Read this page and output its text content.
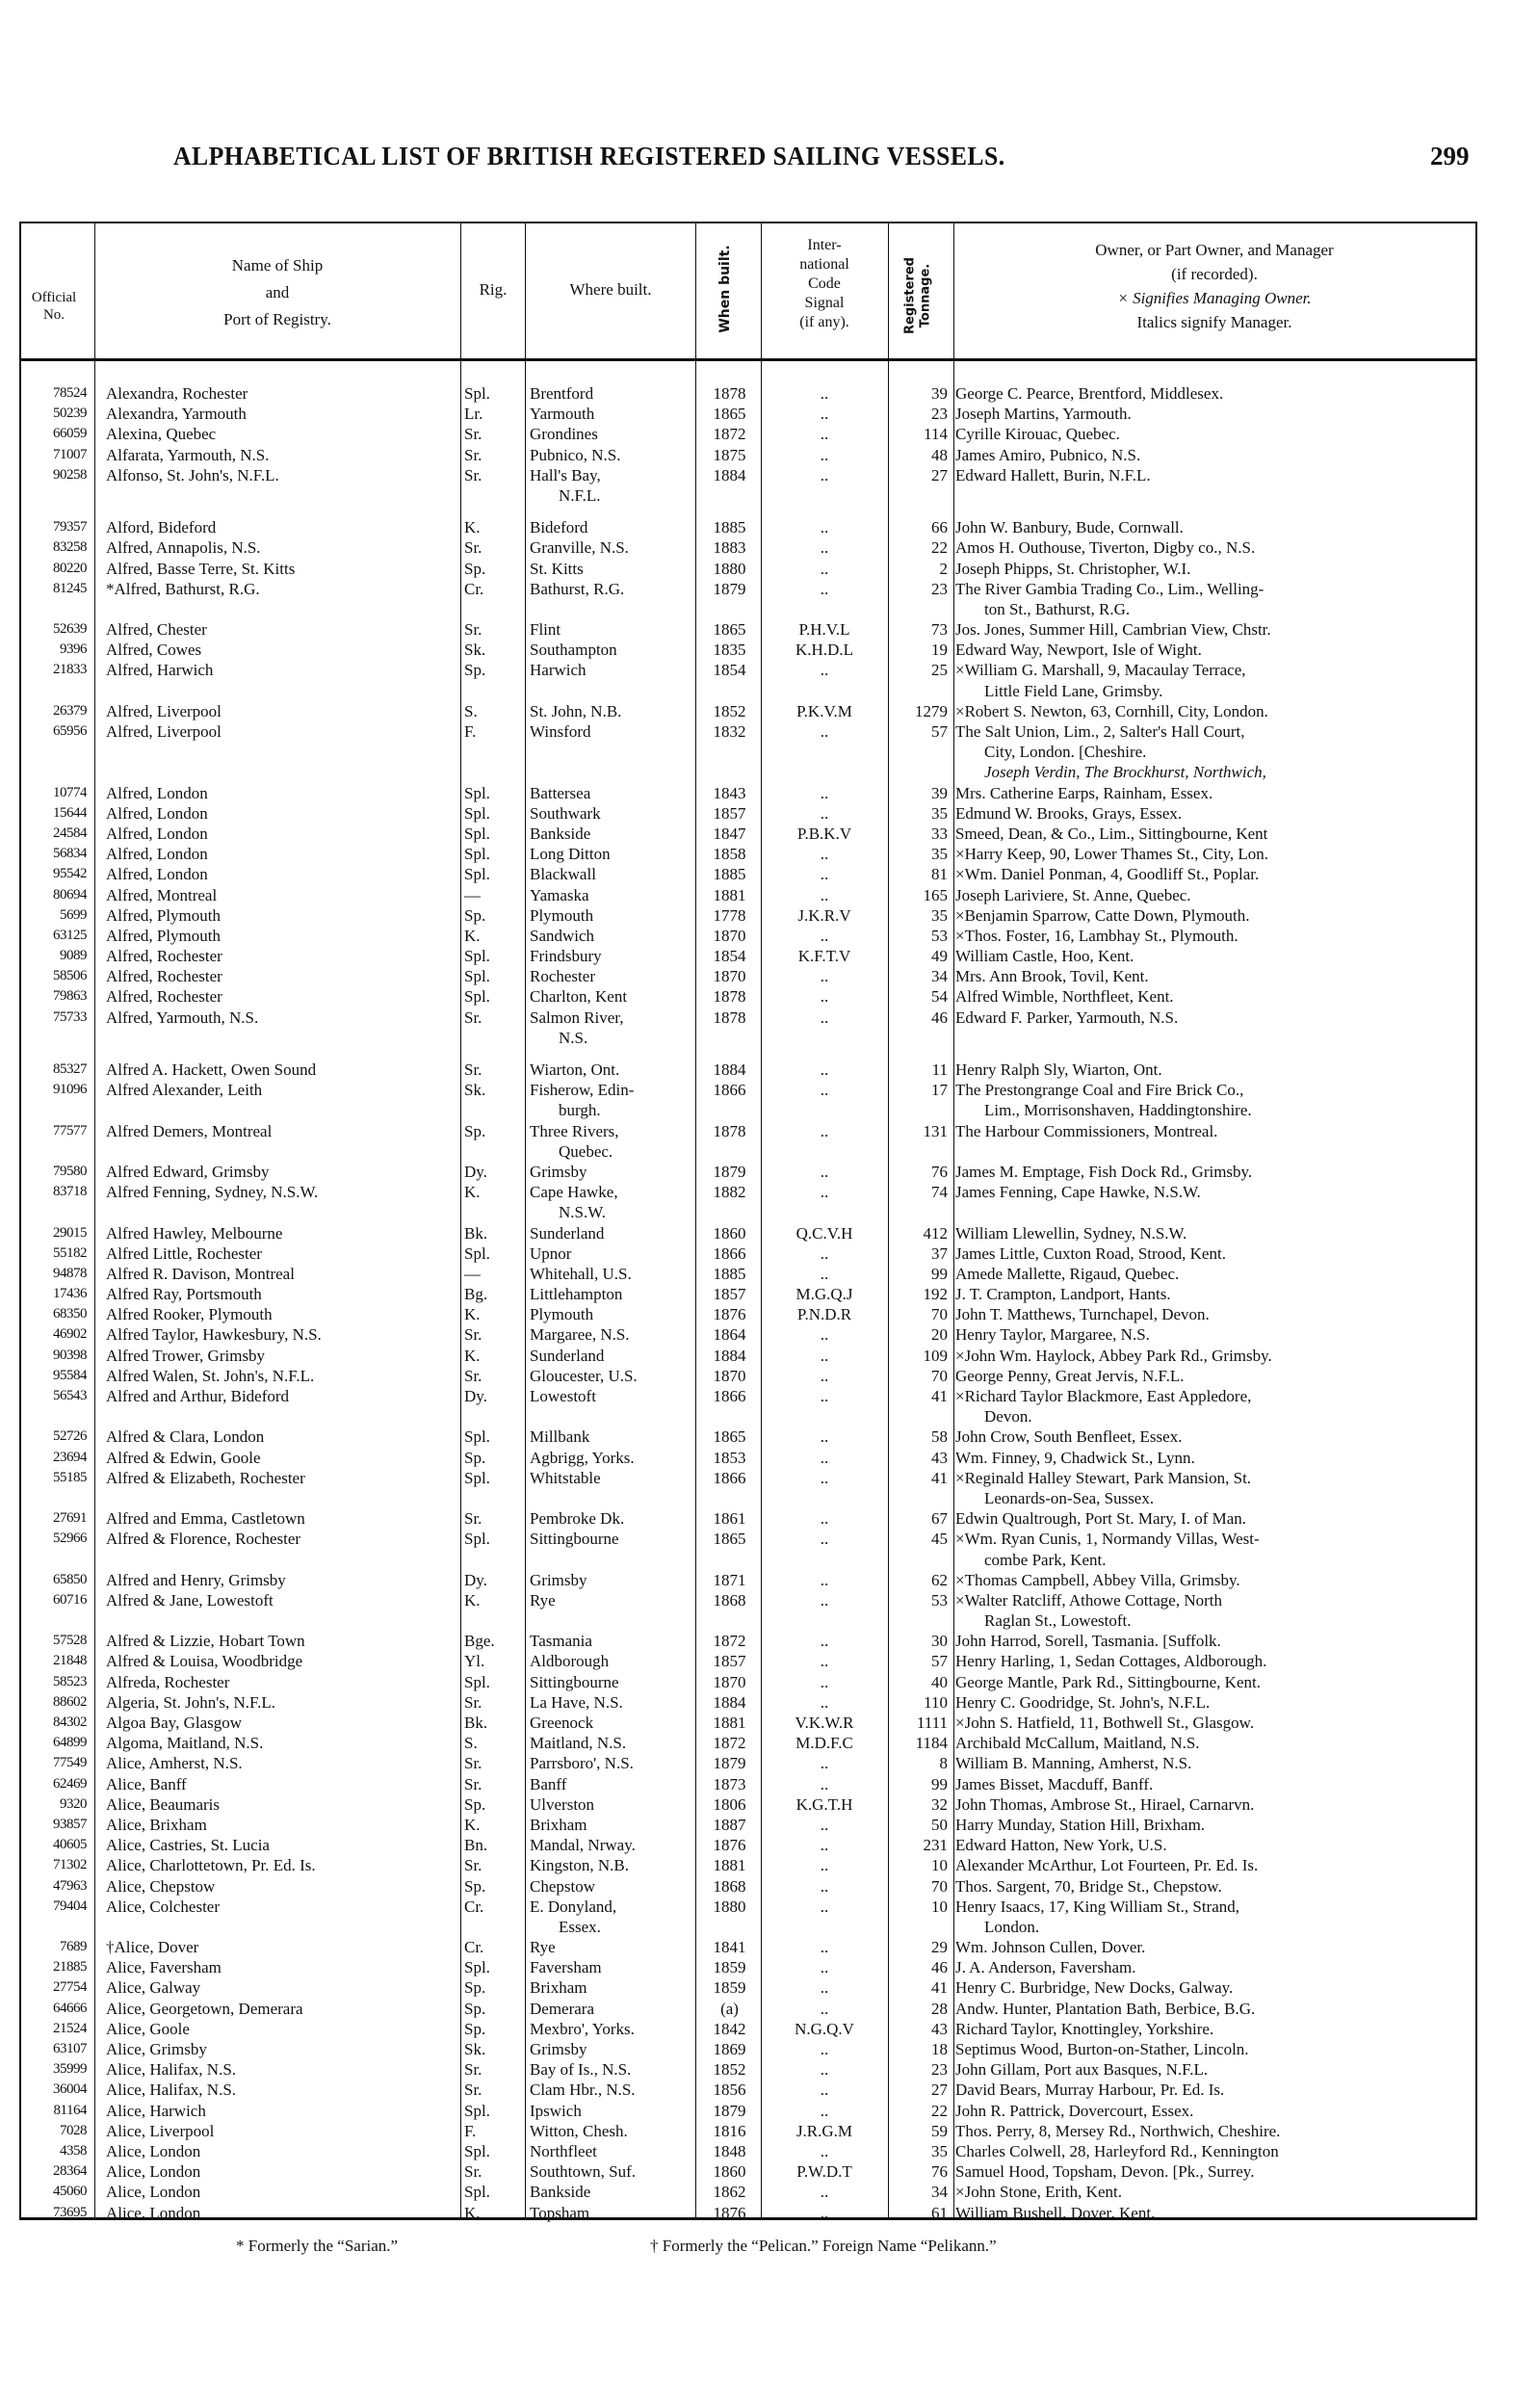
ALPHABETICAL LIST OF BRITISH REGISTERED SAILING VESSELS.	299
Official
No.
Name of Ship
and
Port of Registry.
Rig.	Where built.	When built.	Inter-
national
Code
Signal
(if any).	Registered Tonnage.
Owner, or Part Owner, and Manager
(if recorded).
× Signifies Managing Owner.
Italics signify Manager.
78524 Alexandra, Rochester	Spl.	Brentford	1878	..	39 George C. Pearce, Brentford, Middlesex.
50239 Alexandra, Yarmouth	Lr.	Yarmouth	1865	..	23 Joseph Martins, Yarmouth.
66059 Alexina, Quebec	Sr.	Grondines	1872	..	114 Cyrille Kirouac, Quebec.
71007 Alfarata, Yarmouth, N.S.	Sr.	Pubnico, N.S.	1875	..	48 James Amiro, Pubnico, N.S.
90258 Alfonso, St. John's, N.F.L.	Sr.	Hall's Bay,	1884	..	27 Edward Hallett, Burin, N.F.L.
N.F.L.
79357 Alford, Bideford	K.	Bideford	1885	..	66 John W. Banbury, Bude, Cornwall.
83258 Alfred, Annapolis, N.S.	Sr.	Granville, N.S.	1883	..	22 Amos H. Outhouse, Tiverton, Digby co., N.S.
80220 Alfred, Basse Terre, St. Kitts	Sp.	St. Kitts	1880	..	2 Joseph Phipps, St. Christopher, W.I.
81245 *Alfred, Bathurst, R.G.	Cr.	Bathurst, R.G.	1879	..	23 The River Gambia Trading Co., Lim., Welling-
ton St., Bathurst, R.G.
52639 Alfred, Chester	Sr.	Flint	1865	P.H.V.L	73 Jos. Jones, Summer Hill, Cambrian View, Chstr.
9396 Alfred, Cowes	Sk.	Southampton	1835	K.H.D.L	19 Edward Way, Newport, Isle of Wight.
21833 Alfred, Harwich	Sp.	Harwich	1854	..	25 ×William G. Marshall, 9, Macaulay Terrace,
Little Field Lane, Grimsby.
26379 Alfred, Liverpool	S.	St. John, N.B.	1852	P.K.V.M	1279 ×Robert S. Newton, 63, Cornhill, City, London.
65956 Alfred, Liverpool	F.	Winsford	1832	..	57 The Salt Union, Lim., 2, Salter's Hall Court,
City, London. [Cheshire.
Joseph Verdin, The Brockhurst, Northwich,
10774 Alfred, London	Spl.	Battersea	1843	..	39 Mrs. Catherine Earps, Rainham, Essex.
15644 Alfred, London	Spl.	Southwark	1857	..	35 Edmund W. Brooks, Grays, Essex.
24584 Alfred, London	Spl.	Bankside	1847	P.B.K.V	33 Smeed, Dean, & Co., Lim., Sittingbourne, Kent
56834 Alfred, London	Spl.	Long Ditton	1858	..	35 ×Harry Keep, 90, Lower Thames St., City, Lon.
95542 Alfred, London	Spl.	Blackwall	1885	..	81 ×Wm. Daniel Ponman, 4, Goodliff St., Poplar.
80694 Alfred, Montreal	—	Yamaska	1881	..	165 Joseph Lariviere, St. Anne, Quebec.
5699 Alfred, Plymouth	Sp.	Plymouth	1778	J.K.R.V	35 ×Benjamin Sparrow, Catte Down, Plymouth.
63125 Alfred, Plymouth	K.	Sandwich	1870	..	53 ×Thos. Foster, 16, Lambhay St., Plymouth.
9089 Alfred, Rochester	Spl.	Frindsbury	1854	K.F.T.V	49 William Castle, Hoo, Kent.
58506 Alfred, Rochester	Spl.	Rochester	1870	..	34 Mrs. Ann Brook, Tovil, Kent.
79863 Alfred, Rochester	Spl.	Charlton, Kent	1878	..	54 Alfred Wimble, Northfleet, Kent.
75733 Alfred, Yarmouth, N.S.	Sr.	Salmon River,	1878	..	46 Edward F. Parker, Yarmouth, N.S.
N.S.
85327 Alfred A. Hackett, Owen Sound	Sr.	Wiarton, Ont.	1884	..	11 Henry Ralph Sly, Wiarton, Ont.
91096 Alfred Alexander, Leith	Sk.	Fisherow, Edin-	1866	..	17 The Prestongrange Coal and Fire Brick Co.,
burgh.	Lim., Morrisonshaven, Haddingtonshire.
77577 Alfred Demers, Montreal	Sp.	Three Rivers,	1878	..	131 The Harbour Commissioners, Montreal.
Quebec.
79580 Alfred Edward, Grimsby	Dy.	Grimsby	1879	..	76 James M. Emptage, Fish Dock Rd., Grimsby.
83718 Alfred Fenning, Sydney, N.S.W.	K.	Cape Hawke,	1882	..	74 James Fenning, Cape Hawke, N.S.W.
N.S.W.
29015 Alfred Hawley, Melbourne	Bk.	Sunderland	1860	Q.C.V.H	412 William Llewellin, Sydney, N.S.W.
55182 Alfred Little, Rochester	Spl.	Upnor	1866	..	37 James Little, Cuxton Road, Strood, Kent.
94878 Alfred R. Davison, Montreal	—	Whitehall, U.S.	1885	..	99 Amede Mallette, Rigaud, Quebec.
17436 Alfred Ray, Portsmouth	Bg.	Littlehampton	1857	M.G.Q.J	192 J. T. Crampton, Landport, Hants.
68350 Alfred Rooker, Plymouth	K.	Plymouth	1876	P.N.D.R	70 John T. Matthews, Turnchapel, Devon.
46902 Alfred Taylor, Hawkesbury, N.S.	Sr.	Margaree, N.S.	1864	..	20 Henry Taylor, Margaree, N.S.
90398 Alfred Trower, Grimsby	K.	Sunderland	1884	..	109 ×John Wm. Haylock, Abbey Park Rd., Grimsby.
95584 Alfred Walen, St. John's, N.F.L.	Sr.	Gloucester, U.S.	1870	..	70 George Penny, Great Jervis, N.F.L.
56543 Alfred and Arthur, Bideford	Dy.	Lowestoft	1866	..	41 ×Richard Taylor Blackmore, East Appledore,
Devon.
52726 Alfred & Clara, London	Spl.	Millbank	1865	..	58 John Crow, South Benfleet, Essex.
23694 Alfred & Edwin, Goole	Sp.	Agbrigg, Yorks.	1853	..	43 Wm. Finney, 9, Chadwick St., Lynn.
55185 Alfred & Elizabeth, Rochester	Spl.	Whitstable	1866	..	41 ×Reginald Halley Stewart, Park Mansion, St.
Leonards-on-Sea, Sussex.
27691 Alfred and Emma, Castletown	Sr.	Pembroke Dk.	1861	..	67 Edwin Qualtrough, Port St. Mary, I. of Man.
52966 Alfred & Florence, Rochester	Spl.	Sittingbourne	1865	..	45 ×Wm. Ryan Cunis, 1, Normandy Villas, West-
combe Park, Kent.
65850 Alfred and Henry, Grimsby	Dy.	Grimsby	1871	..	62 ×Thomas Campbell, Abbey Villa, Grimsby.
60716 Alfred & Jane, Lowestoft	K.	Rye	1868	..	53 ×Walter Ratcliff, Athowe Cottage, North
Raglan St., Lowestoft.
57528 Alfred & Lizzie, Hobart Town	Bge.	Tasmania	1872	..	30 John Harrod, Sorell, Tasmania. [Suffolk.
21848 Alfred & Louisa, Woodbridge	Yl.	Aldborough	1857	..	57 Henry Harling, 1, Sedan Cottages, Aldborough.
58523 Alfreda, Rochester	Spl.	Sittingbourne	1870	..	40 George Mantle, Park Rd., Sittingbourne, Kent.
88602 Algeria, St. John's, N.F.L.	Sr.	La Have, N.S.	1884	..	110 Henry C. Goodridge, St. John's, N.F.L.
84302 Algoa Bay, Glasgow	Bk.	Greenock	1881	V.K.W.R	1111 ×John S. Hatfield, 11, Bothwell St., Glasgow.
64899 Algoma, Maitland, N.S.	S.	Maitland, N.S.	1872	M.D.F.C	1184 Archibald McCallum, Maitland, N.S.
77549 Alice, Amherst, N.S.	Sr.	Parrsboro', N.S.	1879	..	8 William B. Manning, Amherst, N.S.
62469 Alice, Banff	Sr.	Banff	1873	..	99 James Bisset, Macduff, Banff.
9320 Alice, Beaumaris	Sp.	Ulverston	1806	K.G.T.H	32 John Thomas, Ambrose St., Hirael, Carnarvn.
93857 Alice, Brixham	K.	Brixham	1887	..	50 Harry Munday, Station Hill, Brixham.
40605 Alice, Castries, St. Lucia	Bn.	Mandal, Nrway.	1876	..	231 Edward Hatton, New York, U.S.
71302 Alice, Charlottetown, Pr. Ed. Is.	Sr.	Kingston, N.B.	1881	..	10 Alexander McArthur, Lot Fourteen, Pr. Ed. Is.
47963 Alice, Chepstow	Sp.	Chepstow	1868	..	70 Thos. Sargent, 70, Bridge St., Chepstow.
79404 Alice, Colchester	Cr.	E. Donyland,	1880	..	10 Henry Isaacs, 17, King William St., Strand,
Essex.	London.
7689 †Alice, Dover	Cr.	Rye	1841	..	29 Wm. Johnson Cullen, Dover.
21885 Alice, Faversham	Spl.	Faversham	1859	..	46 J. A. Anderson, Faversham.
27754 Alice, Galway	Sp.	Brixham	1859	..	41 Henry C. Burbridge, New Docks, Galway.
64666 Alice, Georgetown, Demerara	Sp.	Demerara	(a)	..	28 Andw. Hunter, Plantation Bath, Berbice, B.G.
21524 Alice, Goole	Sp.	Mexbro', Yorks.	1842	N.G.Q.V	43 Richard Taylor, Knottingley, Yorkshire.
63107 Alice, Grimsby	Sk.	Grimsby	1869	..	18 Septimus Wood, Burton-on-Stather, Lincoln.
35999 Alice, Halifax, N.S.	Sr.	Bay of Is., N.S.	1852	..	23 John Gillam, Port aux Basques, N.F.L.
36004 Alice, Halifax, N.S.	Sr.	Clam Hbr., N.S.	1856	..	27 David Bears, Murray Harbour, Pr. Ed. Is.
81164 Alice, Harwich	Spl.	Ipswich	1879	..	22 John R. Pattrick, Dovercourt, Essex.
7028 Alice, Liverpool	F.	Witton, Chesh.	1816	J.R.G.M	59 Thos. Perry, 8, Mersey Rd., Northwich, Cheshire.
4358 Alice, London	Spl.	Northfleet	1848	..	35 Charles Colwell, 28, Harleyford Rd., Kennington
28364 Alice, London	Sr.	Southtown, Suf.	1860	P.W.D.T	76 Samuel Hood, Topsham, Devon. [Pk., Surrey.
45060 Alice, London	Spl.	Bankside	1862	..	34 ×John Stone, Erith, Kent.
73695 Alice, London	K.	Topsham	1876	..	61 William Bushell, Dover, Kent.
* Formerly the “Sarian.”	† Formerly the “Pelican.” Foreign Name “Pelikann.”
